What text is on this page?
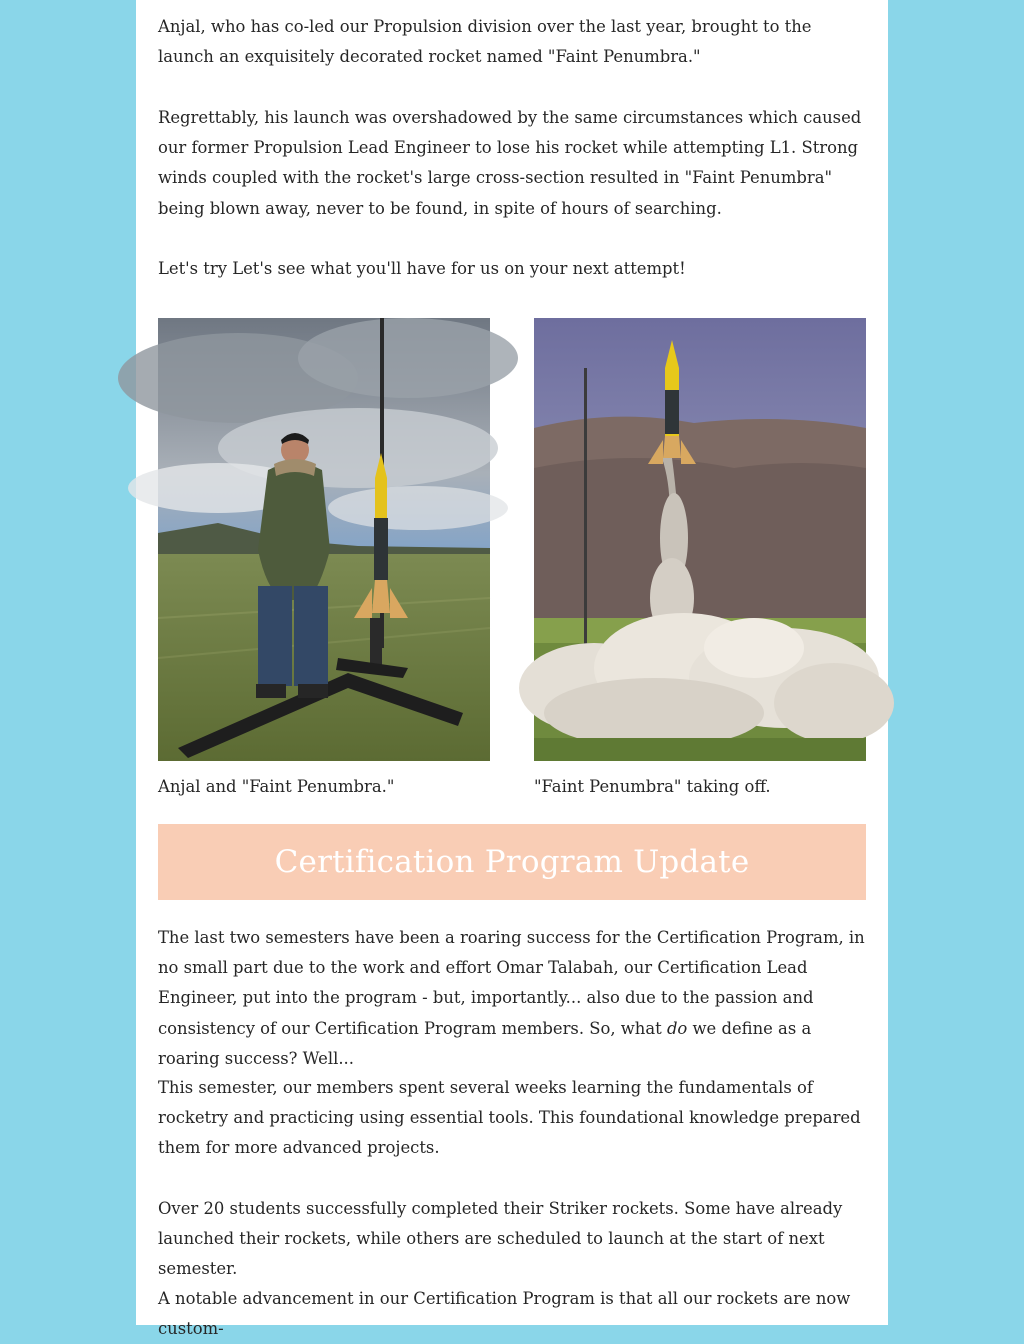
Anjal, who has co-led our Propulsion division over the last year, brought to the launch an exquisitely decorated rocket named "Faint Penumbra."

Regrettably, his launch was overshadowed by the same circumstances which caused our former Propulsion Lead Engineer to lose his rocket while attempting L1. Strong winds coupled with the rocket's large cross-section resulted in "Faint Penumbra" being blown away, never to be found, in spite of hours of searching.

Let's try Let's see what you'll have for us on your next attempt!

Anjal and "Faint Penumbra."	"Faint Penumbra" taking off.

Certification Program Update

The last two semesters have been a roaring success for the Certification Program, in no small part due to the work and effort Omar Talabah, our Certification Lead Engineer, put into the program - but, importantly... also due to the passion and consistency of our Certification Program members. So, what do we define as a roaring success? Well...

This semester, our members spent several weeks learning the fundamentals of rocketry and practicing using essential tools. This foundational knowledge prepared them for more advanced projects.

Over 20 students successfully completed their Striker rockets. Some have already launched their rockets, while others are scheduled to launch at the start of next semester.

A notable advancement in our Certification Program is that all our rockets are now custom-
